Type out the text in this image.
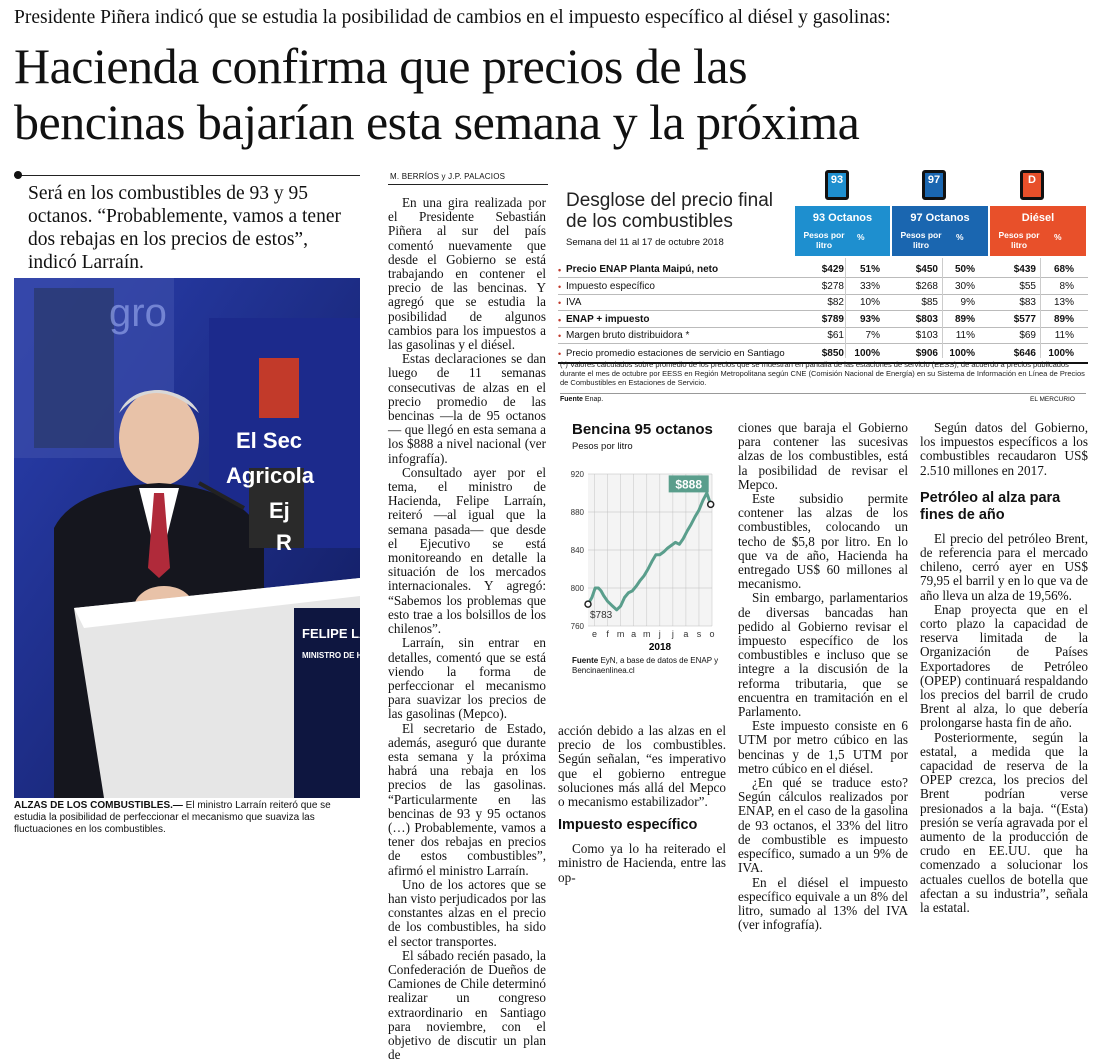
Presidente Piñera indicó que se estudia la posibilidad de cambios en el impuesto específico al diésel y gasolinas:
Hacienda confirma que precios de las
bencinas bajarían esta semana y la próxima
Será en los combustibles de 93 y 95 octanos. “Probablemente, vamos a tener dos rebajas en los precios de estos”, indicó Larraín.
M. BERRÍOS y J.P. PALACIOS
El Sec
Agricola
Ej
R
gro
FELIPE LARR
MINISTRO DE HA
MANUEL HERRERA
ALZAS DE LOS COMBUSTIBLES.— El ministro Larraín reiteró que se estudia la posibilidad de perfeccionar el mecanismo que suaviza las fluctuaciones en los combustibles.

En una gira realizada por el Presidente Sebastián Piñera al sur del país comentó nuevamente que desde el Gobierno se está trabajando en contener el precio de las bencinas. Y agregó que se estudia la posibilidad de algunos cambios para los impuestos a las gasolinas y el diésel.

Estas declaraciones se dan luego de 11 semanas consecutivas de alzas en el precio promedio de las bencinas —la de 95 octanos— que llegó en esta semana a los $888 a nivel nacional (ver infografía).

Consultado ayer por el tema, el ministro de Hacienda, Felipe Larraín, reiteró —al igual que la semana pasada— que desde el Ejecutivo se está monitoreando en detalle la situación de los mercados internacionales. Y agregó: “Sabemos los problemas que esto trae a los bolsillos de los chilenos”.

Larraín, sin entrar en detalles, comentó que se está viendo la forma de perfeccionar el mecanismo para suavizar los precios de las gasolinas (Mepco).

El secretario de Estado, además, aseguró que durante esta semana y la próxima habrá una rebaja en los precios de las gasolinas. “Particularmente en las bencinas de 93 y 95 octanos (…) Probablemente, vamos a tener dos rebajas en precios de estos combustibles”, afirmó el ministro Larraín.

Uno de los actores que se han visto perjudicados por las constantes alzas en el precio de los combustibles, ha sido el sector transportes.

El sábado recién pasado, la Confederación de Dueños de Camiones de Chile determinó realizar un congreso extraordinario en Santiago para noviembre, con el objetivo de discutir un plan de

Desglose del precio final de los combustibles
Semana del 11 al 17 de octubre 2018
93
93 Octanos
Pesos por litro
%
97
97 Octanos
Pesos por litro
%
D
Diésel
Pesos por litro
%
• Precio ENAP Planta Maipú, neto	$429	51%	$450	50%	$439	68%
• Impuesto específico	$278	33%	$268	30%	$55	8%
• IVA	$82	10%	$85	9%	$83	13%
• ENAP + impuesto	$789	93%	$803	89%	$577	89%
• Margen bruto distribuidora *	$61	7%	$103	11%	$69	11%
• Precio promedio estaciones de servicio en Santiago	$850	100%	$906	100%	$646	100%
(*) Valores calculados sobre promedio de los precios que se muestran en pantalla de las estaciones de servicio (EESS), de acuerdo a precios publicados durante el mes de octubre por EESS en Región Metropolitana según CNE (Comisión Nacional de Energía) en su Sistema de Información en Línea de Precios de Combustibles en Estaciones de Servicio.
Fuente Enap.	EL MERCURIO
Bencina 95 octanos
Pesos por litro
760
800
840
880
920
e f m a m j j a s o
2018
$783
$888
Fuente EyN, a base de datos de ENAP y Bencinaenlinea.cl

acción debido a las alzas en el precio de los combustibles. Según señalan, “es imperativo que el gobierno entregue soluciones más allá del Mepco o mecanismo estabilizador”.

Impuesto específico

Como ya lo ha reiterado el ministro de Hacienda, entre las op-

ciones que baraja el Gobierno para contener las sucesivas alzas de los combustibles, está la posibilidad de revisar el Mepco.

Este subsidio permite contener las alzas de los combustibles, colocando un techo de $5,8 por litro. En lo que va de año, Hacienda ha entregado US$ 60 millones al mecanismo.

Sin embargo, parlamentarios de diversas bancadas han pedido al Gobierno revisar el impuesto específico de los combustibles e incluso que se integre a la discusión de la reforma tributaria, que se encuentra en tramitación en el Parlamento.

Este impuesto consiste en 6 UTM por metro cúbico en las bencinas y de 1,5 UTM por metro cúbico en el diésel.

¿En qué se traduce esto? Según cálculos realizados por ENAP, en el caso de la gasolina de 93 octanos, el 33% del litro de combustible es impuesto específico, sumado a un 9% de IVA.

En el diésel el impuesto específico equivale a un 8% del litro, sumado al 13% del IVA (ver infografía).

Según datos del Gobierno, los impuestos específicos a los combustibles recaudaron US$ 2.510 millones en 2017.

Petróleo al alza para fines de año

El precio del petróleo Brent, de referencia para el mercado chileno, cerró ayer en US$ 79,95 el barril y en lo que va de año lleva un alza de 19,56%.

Enap proyecta que en el corto plazo la capacidad de reserva limitada de la Organización de Países Exportadores de Petróleo (OPEP) continuará respaldando los precios del barril de crudo Brent al alza, lo que debería prolongarse hasta fin de año.

Posteriormente, según la estatal, a medida que la capacidad de reserva de la OPEP crezca, los precios del Brent podrían verse presionados a la baja. “(Esta) presión se vería agravada por el aumento de la producción de crudo en EE.UU. que ha comenzado a solucionar los actuales cuellos de botella que afectan a su industria”, señala la estatal.
